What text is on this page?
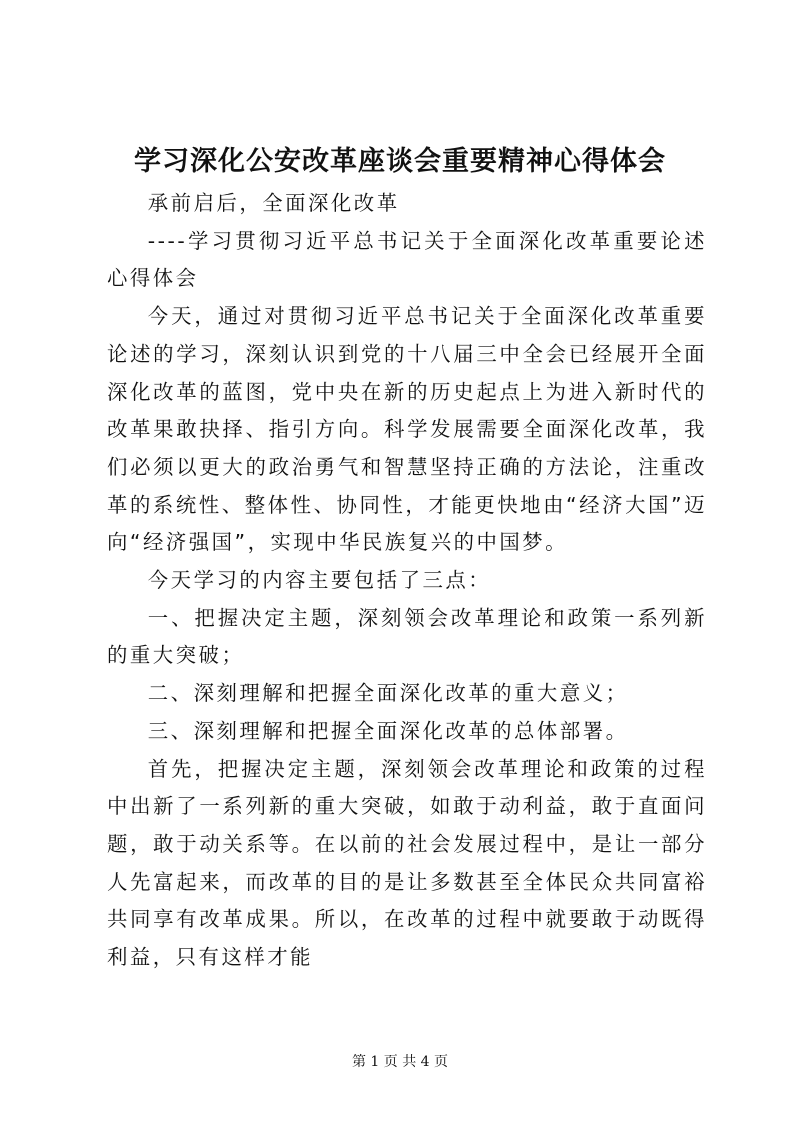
学习深化公安改革座谈会重要精神心得体会

承前启后，全面深化改革

----学习贯彻习近平总书记关于全面深化改革重要论述心得体会

今天，通过对贯彻习近平总书记关于全面深化改革重要论述的学习，深刻认识到党的十八届三中全会已经展开全面深化改革的蓝图，党中央在新的历史起点上为进入新时代的改革果敢抉择、指引方向。科学发展需要全面深化改革，我们必须以更大的政治勇气和智慧坚持正确的方法论，注重改革的系统性、整体性、协同性，才能更快地由“经济大国”迈向“经济强国”，实现中华民族复兴的中国梦。

今天学习的内容主要包括了三点：

一、把握决定主题，深刻领会改革理论和政策一系列新的重大突破；

二、深刻理解和把握全面深化改革的重大意义；

三、深刻理解和把握全面深化改革的总体部署。

首先，把握决定主题，深刻领会改革理论和政策的过程中出新了一系列新的重大突破，如敢于动利益，敢于直面问题，敢于动关系等。在以前的社会发展过程中，是让一部分人先富起来，而改革的目的是让多数甚至全体民众共同富裕共同享有改革成果。所以，在改革的过程中就要敢于动既得利益，只有这样才能

第 1 页 共 4 页
